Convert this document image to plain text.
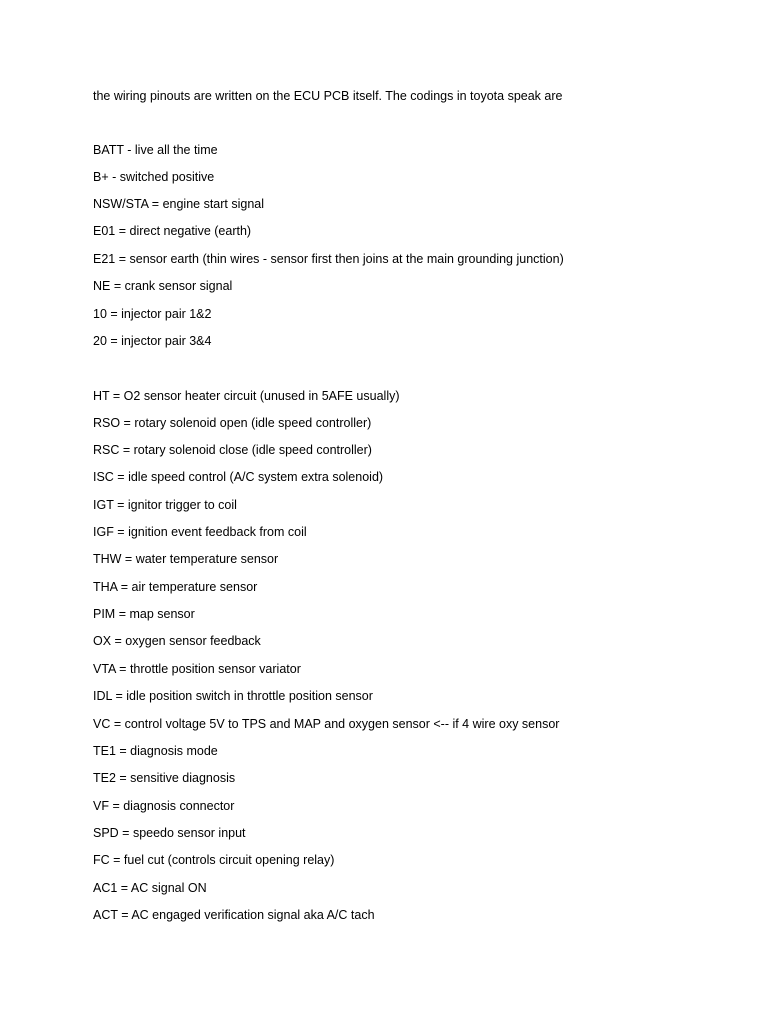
the wiring pinouts are written on the ECU PCB itself. The codings in toyota speak are
BATT - live all the time
B+ - switched positive
NSW/STA = engine start signal
E01 = direct negative (earth)
E21 = sensor earth (thin wires - sensor first then joins at the main grounding junction)
NE = crank sensor signal
10 = injector pair 1&2
20 = injector pair 3&4
HT = O2 sensor heater circuit (unused in 5AFE usually)
RSO = rotary solenoid open (idle speed controller)
RSC = rotary solenoid close (idle speed controller)
ISC = idle speed control (A/C system extra solenoid)
IGT = ignitor trigger to coil
IGF = ignition event feedback from coil
THW = water temperature sensor
THA = air temperature sensor
PIM = map sensor
OX = oxygen sensor feedback
VTA = throttle position sensor variator
IDL = idle position switch in throttle position sensor
VC = control voltage 5V to TPS and MAP and oxygen sensor <-- if 4 wire oxy sensor
TE1 = diagnosis mode
TE2 = sensitive diagnosis
VF = diagnosis connector
SPD = speedo sensor input
FC = fuel cut (controls circuit opening relay)
AC1 = AC signal ON
ACT = AC engaged verification signal aka A/C tach
